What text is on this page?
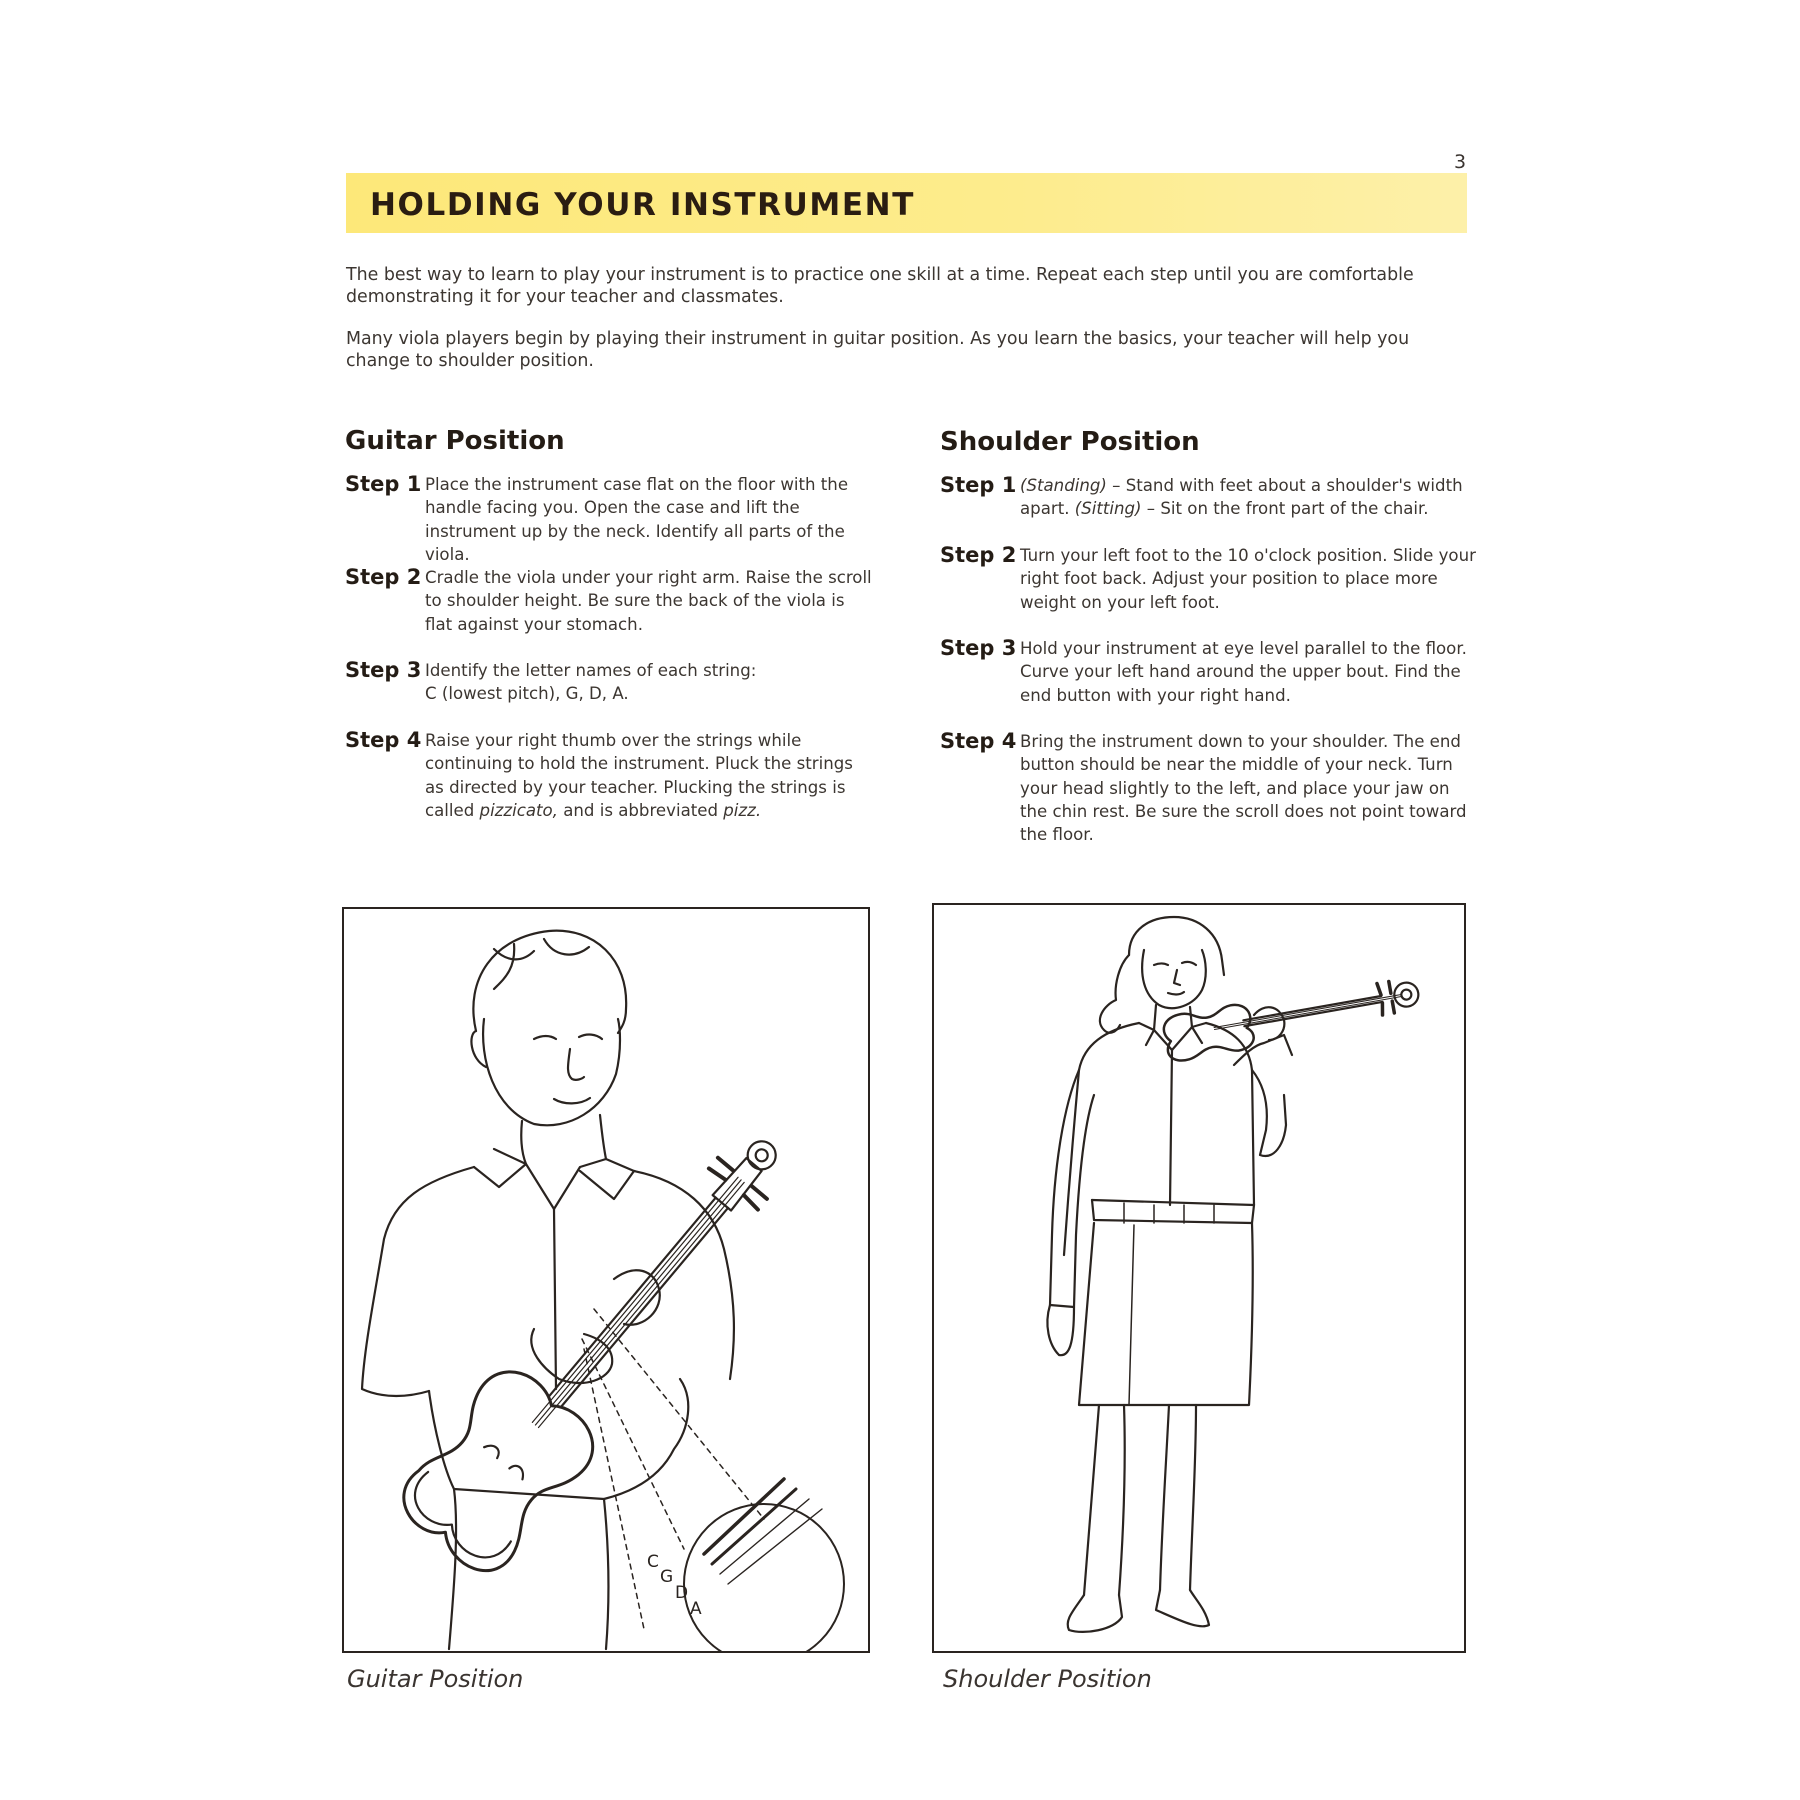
3
HOLDING YOUR INSTRUMENT
The best way to learn to play your instrument is to practice one skill at a time. Repeat each step until you are comfortable demonstrating it for your teacher and classmates.
Many viola players begin by playing their instrument in guitar position. As you learn the basics, your teacher will help you change to shoulder position.
Guitar Position
Step 1 Place the instrument case flat on the floor with the handle facing you. Open the case and lift the instrument up by the neck. Identify all parts of the viola.
Step 2 Cradle the viola under your right arm. Raise the scroll to shoulder height. Be sure the back of the viola is flat against your stomach.
Step 3 Identify the letter names of each string:
C (lowest pitch), G, D, A.
Step 4 Raise your right thumb over the strings while continuing to hold the instrument. Pluck the strings as directed by your teacher. Plucking the strings is called pizzicato, and is abbreviated pizz.
Shoulder Position
Step 1 (Standing) – Stand with feet about a shoulder's width apart. (Sitting) – Sit on the front part of the chair.
Step 2 Turn your left foot to the 10 o'clock position. Slide your right foot back. Adjust your position to place more weight on your left foot.
Step 3 Hold your instrument at eye level parallel to the floor. Curve your left hand around the upper bout. Find the end button with your right hand.
Step 4 Bring the instrument down to your shoulder. The end button should be near the middle of your neck. Turn your head slightly to the left, and place your jaw on the chin rest. Be sure the scroll does not point toward the floor.
C
G
D
A
Guitar Position	Shoulder Position
